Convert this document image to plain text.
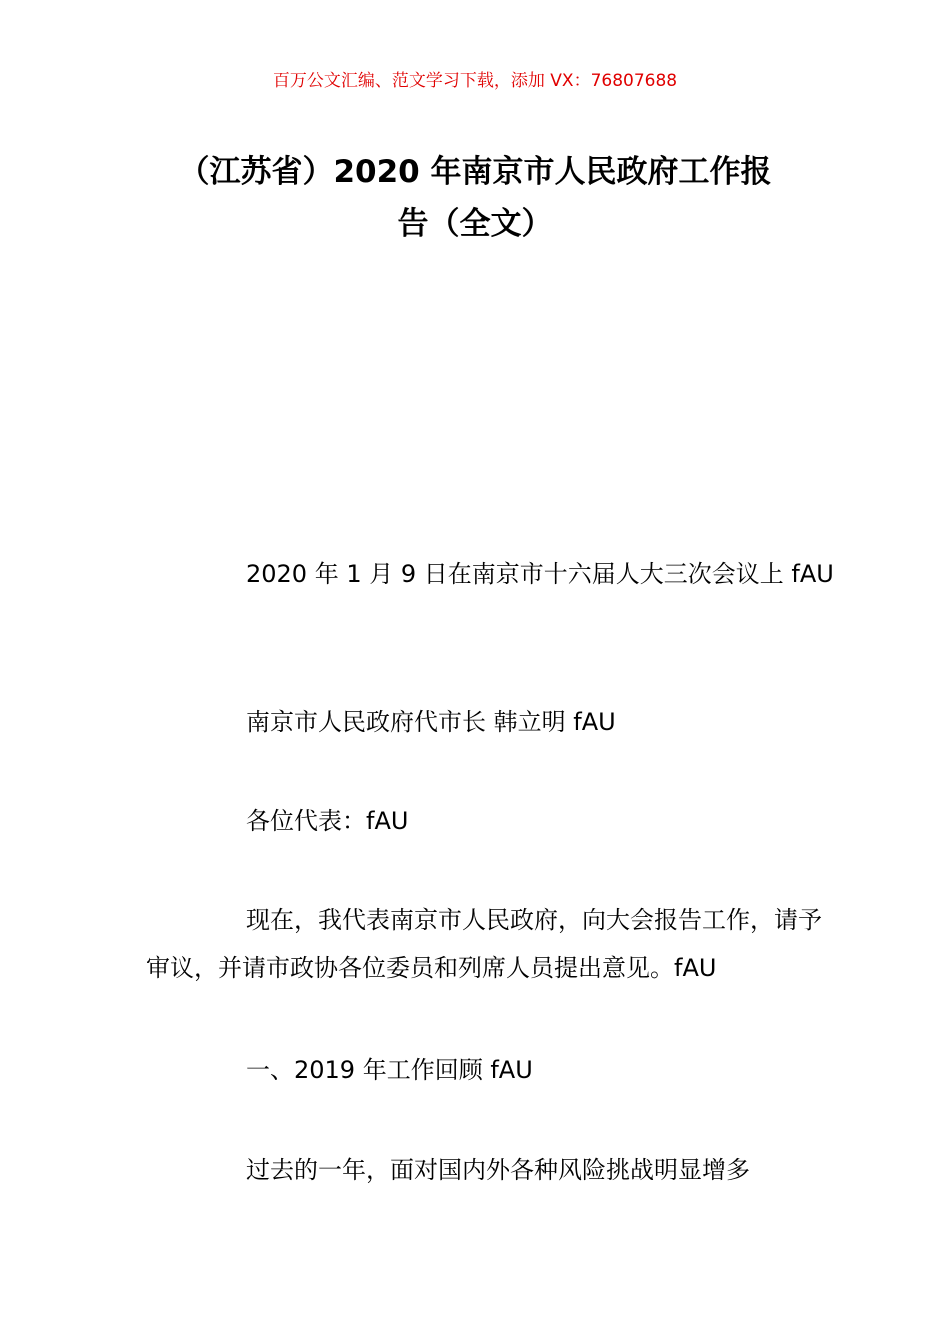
百万公文汇编、范文学习下载，添加 VX：76807688
（江苏省）2020 年南京市人民政府工作报
告（全文）
2020 年 1 月 9 日在南京市十六届人大三次会议上 fAU
南京市人民政府代市长 韩立明 fAU
各位代表：fAU
现在，我代表南京市人民政府，向大会报告工作，请予审议，并请市政协各位委员和列席人员提出意见。fAU
一、2019 年工作回顾 fAU
过去的一年，面对国内外各种风险挑战明显增多
